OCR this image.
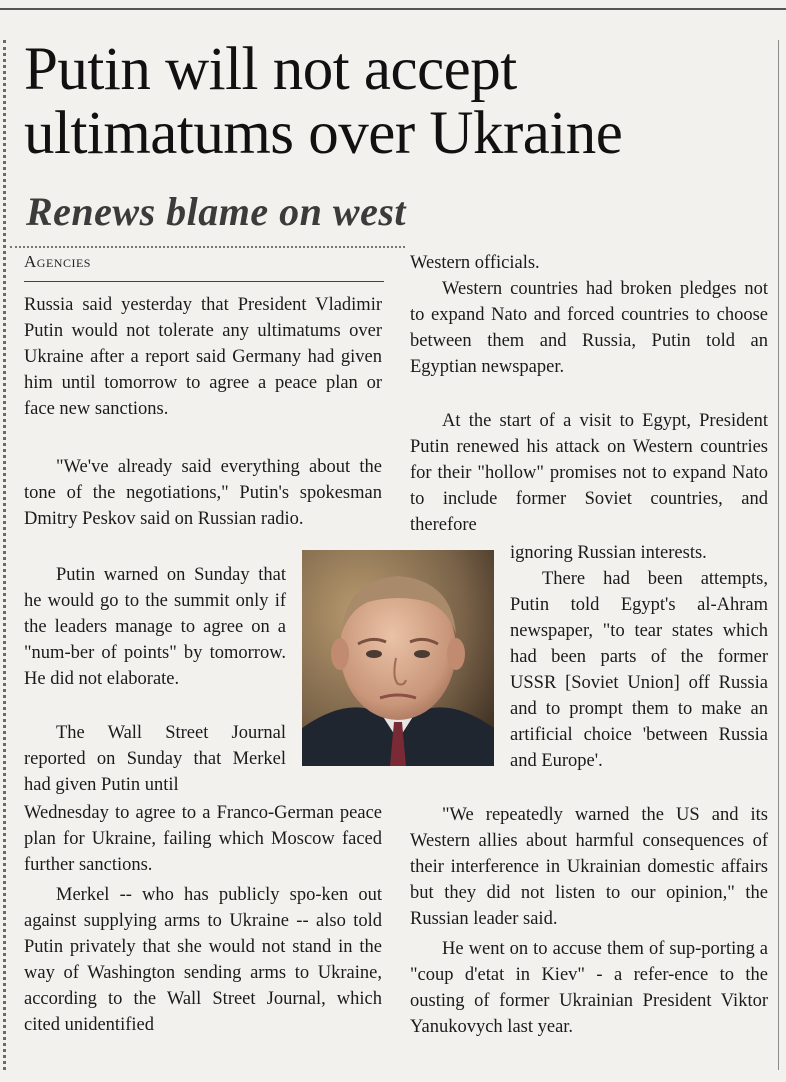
Putin will not accept
ultimatums over Ukraine
Renews blame on west
Agencies

Russia said yesterday that President Vladimir Putin would not tolerate any ultimatums over Ukraine after a report said Germany had given him until tomorrow to agree a peace plan or face new sanctions.

"We've already said everything about the tone of the negotiations," Putin's spokesman Dmitry Peskov said on Russian radio.

Putin warned on Sunday that he would go to the summit only if the leaders manage to agree on a "num-ber of points" by tomorrow. He did not elaborate.

The Wall Street Journal reported on Sunday that Merkel had given Putin until

Wednesday to agree to a Franco-German peace plan for Ukraine, failing which Moscow faced further sanctions.

Merkel -- who has publicly spo-ken out against supplying arms to Ukraine -- also told Putin privately that she would not stand in the way of Washington sending arms to Ukraine, according to the Wall Street Journal, which cited unidentified

Western officials.

Western countries had broken pledges not to expand Nato and forced countries to choose between them and Russia, Putin told an Egyptian newspaper.

At the start of a visit to Egypt, President Putin renewed his attack on Western countries for their "hollow" promises not to expand Nato to include former Soviet countries, and therefore

ignoring Russian interests.

There had been attempts, Putin told Egypt's al-Ahram newspaper, "to tear states which had been parts of the former USSR [Soviet Union] off Russia and to prompt them to make an artificial choice 'between Russia and Europe'.

"We repeatedly warned the US and its Western allies about harmful consequences of their interference in Ukrainian domestic affairs but they did not listen to our opinion," the Russian leader said.

He went on to accuse them of sup-porting a "coup d'etat in Kiev" - a refer-ence to the ousting of former Ukrainian President Viktor Yanukovych last year.
